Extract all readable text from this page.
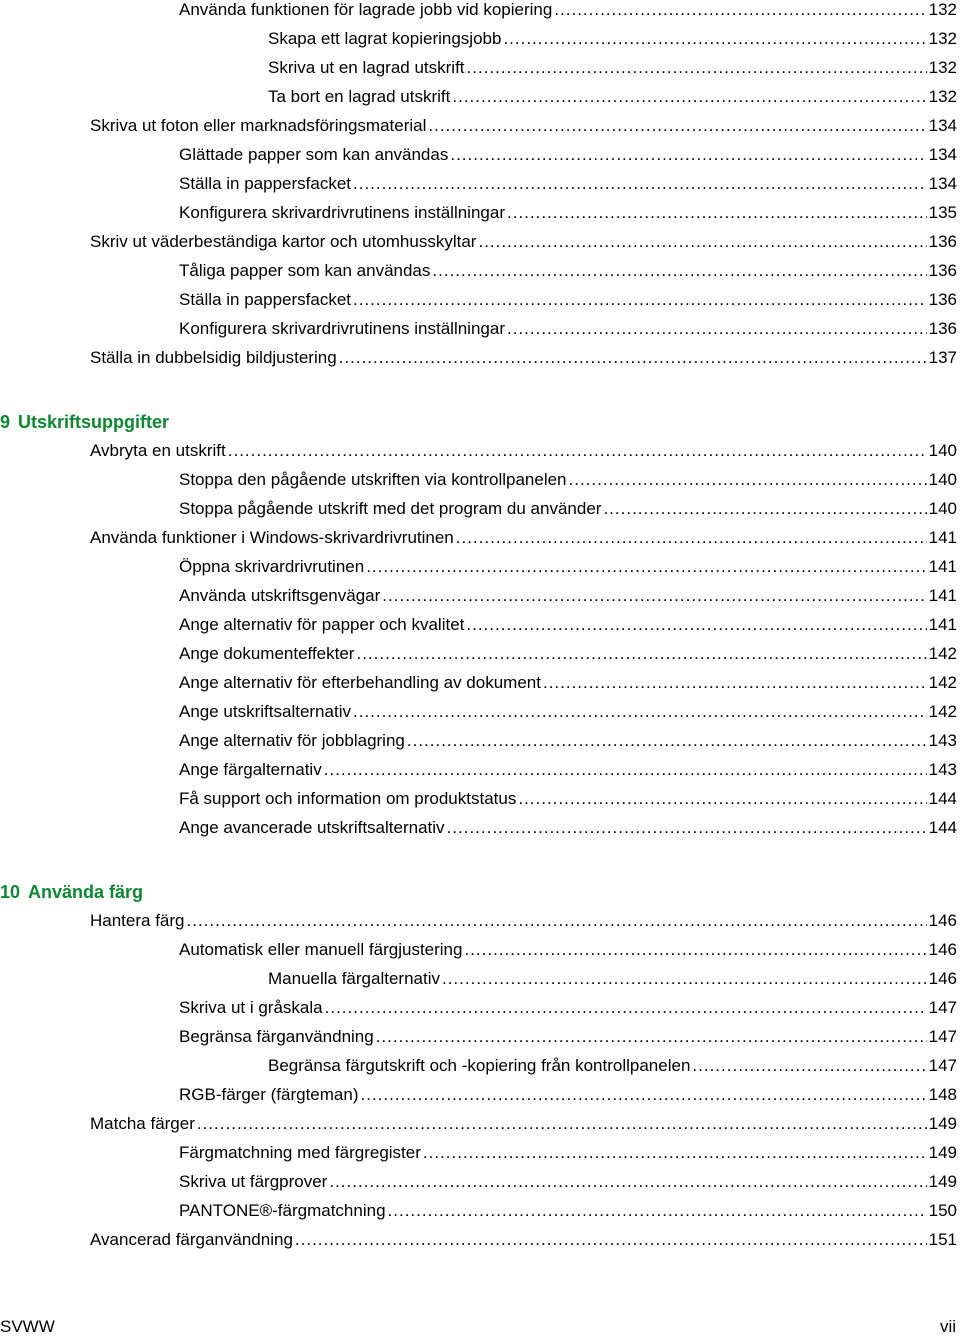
Använda funktionen för lagrade jobb vid kopiering .....	132
Skapa ett lagrat kopieringsjobb .....	132
Skriva ut en lagrad utskrift .....	132
Ta bort en lagrad utskrift .....	132
Skriva ut foton eller marknadsföringsmaterial .....	134
Glättade papper som kan användas .....	134
Ställa in pappersfacket .....	134
Konfigurera skrivardrivrutinens inställningar .....	135
Skriv ut väderbeständiga kartor och utomhusskyltar .....	136
Tåliga papper som kan användas .....	136
Ställa in pappersfacket .....	136
Konfigurera skrivardrivrutinens inställningar .....	136
Ställa in dubbelsidig bildjustering .....	137
9 Utskriftsuppgifter
Avbryta en utskrift .....	140
Stoppa den pågående utskriften via kontrollpanelen .....	140
Stoppa pågående utskrift med det program du använder .....	140
Använda funktioner i Windows-skrivardrivrutinen .....	141
Öppna skrivardrivrutinen .....	141
Använda utskriftsgenvägar .....	141
Ange alternativ för papper och kvalitet .....	141
Ange dokumenteffekter .....	142
Ange alternativ för efterbehandling av dokument .....	142
Ange utskriftsalternativ .....	142
Ange alternativ för jobblagring .....	143
Ange färgalternativ .....	143
Få support och information om produktstatus .....	144
Ange avancerade utskriftsalternativ .....	144
10 Använda färg
Hantera färg .....	146
Automatisk eller manuell färgjustering .....	146
Manuella färgalternativ .....	146
Skriva ut i gråskala .....	147
Begränsa färganvändning .....	147
Begränsa färgutskrift och -kopiering från kontrollpanelen .....	147
RGB-färger (färgteman) .....	148
Matcha färger .....	149
Färgmatchning med färgregister .....	149
Skriva ut färgprover .....	149
PANTONE®-färgmatchning .....	150
Avancerad färganvändning .....	151
SVWW	vii
